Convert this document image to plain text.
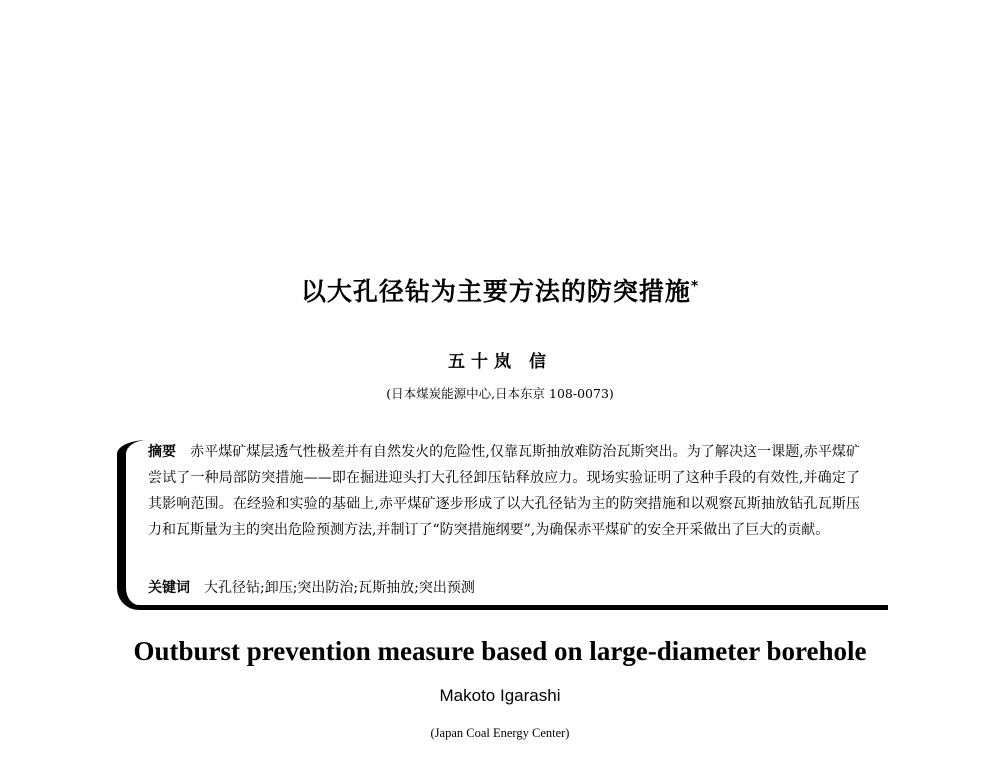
以大孔径钻为主要方法的防突措施*
五十岚 信
(日本煤炭能源中心,日本东京 108-0073)
摘要 赤平煤矿煤层透气性极差并有自然发火的危险性,仅靠瓦斯抽放难防治瓦斯突出。为了解决这一课题,赤平煤矿尝试了一种局部防突措施——即在掘进迎头打大孔径卸压钻释放应力。现场实验证明了这种手段的有效性,并确定了其影响范围。在经验和实验的基础上,赤平煤矿逐步形成了以大孔径钻为主的防突措施和以观察瓦斯抽放钻孔瓦斯压力和瓦斯量为主的突出危险预测方法,并制订了“防突措施纲要”,为确保赤平煤矿的安全开采做出了巨大的贡献。
关键词 大孔径钻;卸压;突出防治;瓦斯抽放;突出预测
Outburst prevention measure based on large-diameter borehole
Makoto Igarashi
(Japan Coal Energy Center)
